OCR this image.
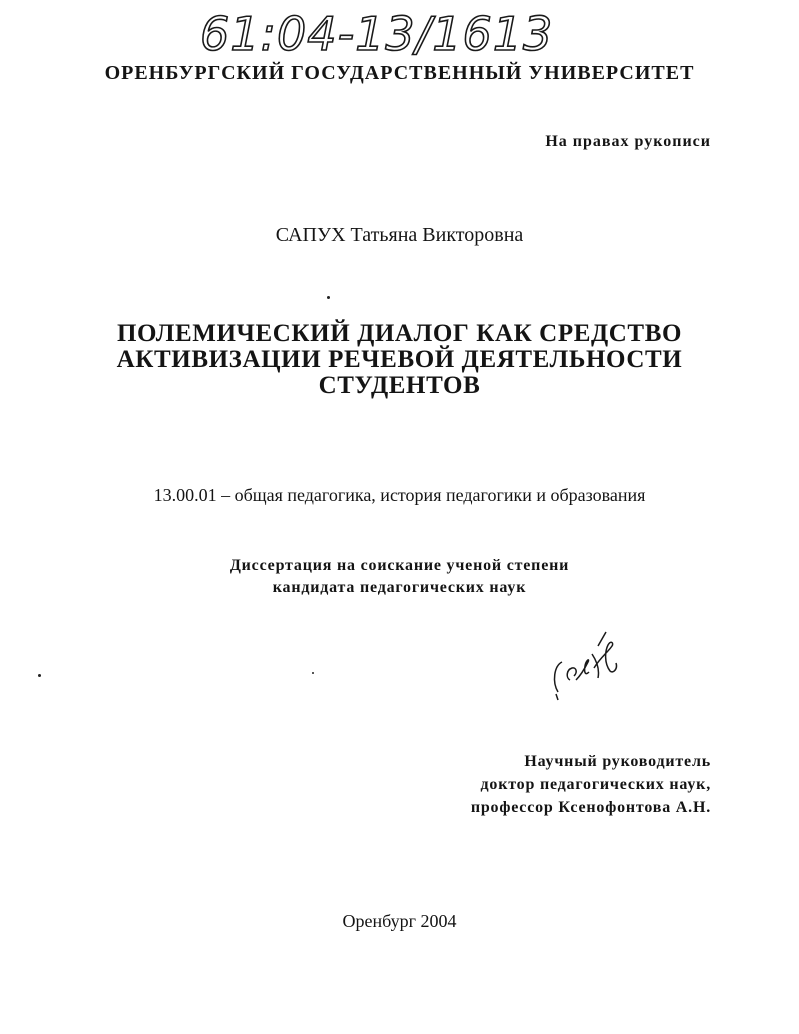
61:04-13/1613
ОРЕНБУРГСКИЙ ГОСУДАРСТВЕННЫЙ УНИВЕРСИТЕТ
На правах рукописи
САПУХ Татьяна Викторовна
ПОЛЕМИЧЕСКИЙ ДИАЛОГ КАК СРЕДСТВО
АКТИВИЗАЦИИ РЕЧЕВОЙ ДЕЯТЕЛЬНОСТИ
СТУДЕНТОВ
13.00.01 – общая педагогика, история педагогики и образования
Диссертация на соискание ученой степени
кандидата педагогических наук
Научный руководитель
доктор педагогических наук,
профессор Ксенофонтова А.Н.
Оренбург 2004
